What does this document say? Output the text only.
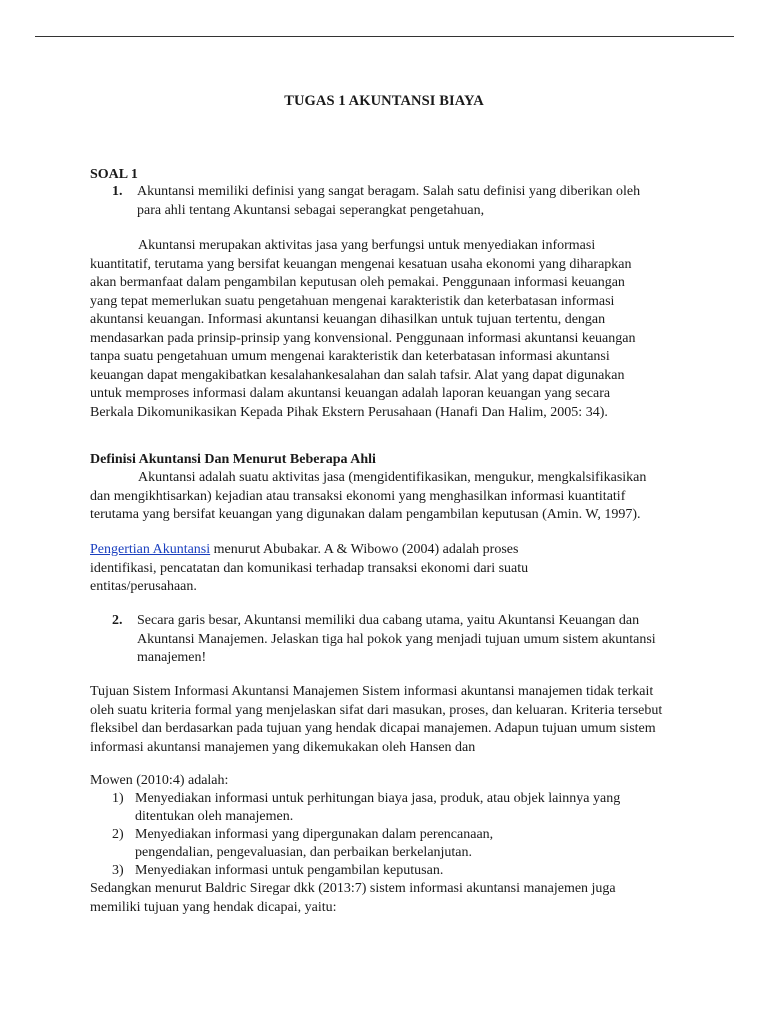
TUGAS 1 AKUNTANSI BIAYA
SOAL 1
1. Akuntansi memiliki definisi yang sangat beragam. Salah satu definisi yang diberikan oleh para ahli tentang Akuntansi sebagai seperangkat pengetahuan,
Akuntansi merupakan aktivitas jasa yang berfungsi untuk menyediakan informasi kuantitatif, terutama yang bersifat keuangan mengenai kesatuan usaha ekonomi yang diharapkan akan bermanfaat dalam pengambilan keputusan oleh pemakai. Penggunaan informasi keuangan yang tepat memerlukan suatu pengetahuan mengenai karakteristik dan keterbatasan informasi akuntansi keuangan. Informasi akuntansi keuangan dihasilkan untuk tujuan tertentu, dengan mendasarkan pada prinsip-prinsip yang konvensional. Penggunaan informasi akuntansi keuangan tanpa suatu pengetahuan umum mengenai karakteristik dan keterbatasan informasi akuntansi keuangan dapat mengakibatkan kesalahankesalahan dan salah tafsir. Alat yang dapat digunakan untuk memproses informasi dalam akuntansi keuangan adalah laporan keuangan yang secara Berkala Dikomunikasikan Kepada Pihak Ekstern Perusahaan (Hanafi Dan Halim, 2005: 34).
Definisi Akuntansi Dan Menurut Beberapa Ahli
Akuntansi adalah suatu aktivitas jasa (mengidentifikasikan, mengukur, mengkalsifikasikan dan mengikhtisarkan) kejadian atau transaksi ekonomi yang menghasilkan informasi kuantitatif terutama yang bersifat keuangan yang digunakan dalam pengambilan keputusan (Amin. W, 1997).
Pengertian Akuntansi menurut Abubakar. A & Wibowo (2004) adalah proses identifikasi, pencatatan dan komunikasi terhadap transaksi ekonomi dari suatu entitas/perusahaan.
2. Secara garis besar, Akuntansi memiliki dua cabang utama, yaitu Akuntansi Keuangan dan Akuntansi Manajemen. Jelaskan tiga hal pokok yang menjadi tujuan umum sistem akuntansi manajemen!
Tujuan Sistem Informasi Akuntansi Manajemen Sistem informasi akuntansi manajemen tidak terkait oleh suatu kriteria formal yang menjelaskan sifat dari masukan, proses, dan keluaran. Kriteria tersebut fleksibel dan berdasarkan pada tujuan yang hendak dicapai manajemen. Adapun tujuan umum sistem informasi akuntansi manajemen yang dikemukakan oleh Hansen dan
Mowen (2010:4) adalah:
1) Menyediakan informasi untuk perhitungan biaya jasa, produk, atau objek lainnya yang ditentukan oleh manajemen.
2) Menyediakan informasi yang dipergunakan dalam perencanaan, pengendalian, pengevaluasian, dan perbaikan berkelanjutan.
3) Menyediakan informasi untuk pengambilan keputusan.
Sedangkan menurut Baldric Siregar dkk (2013:7) sistem informasi akuntansi manajemen juga memiliki tujuan yang hendak dicapai, yaitu:
